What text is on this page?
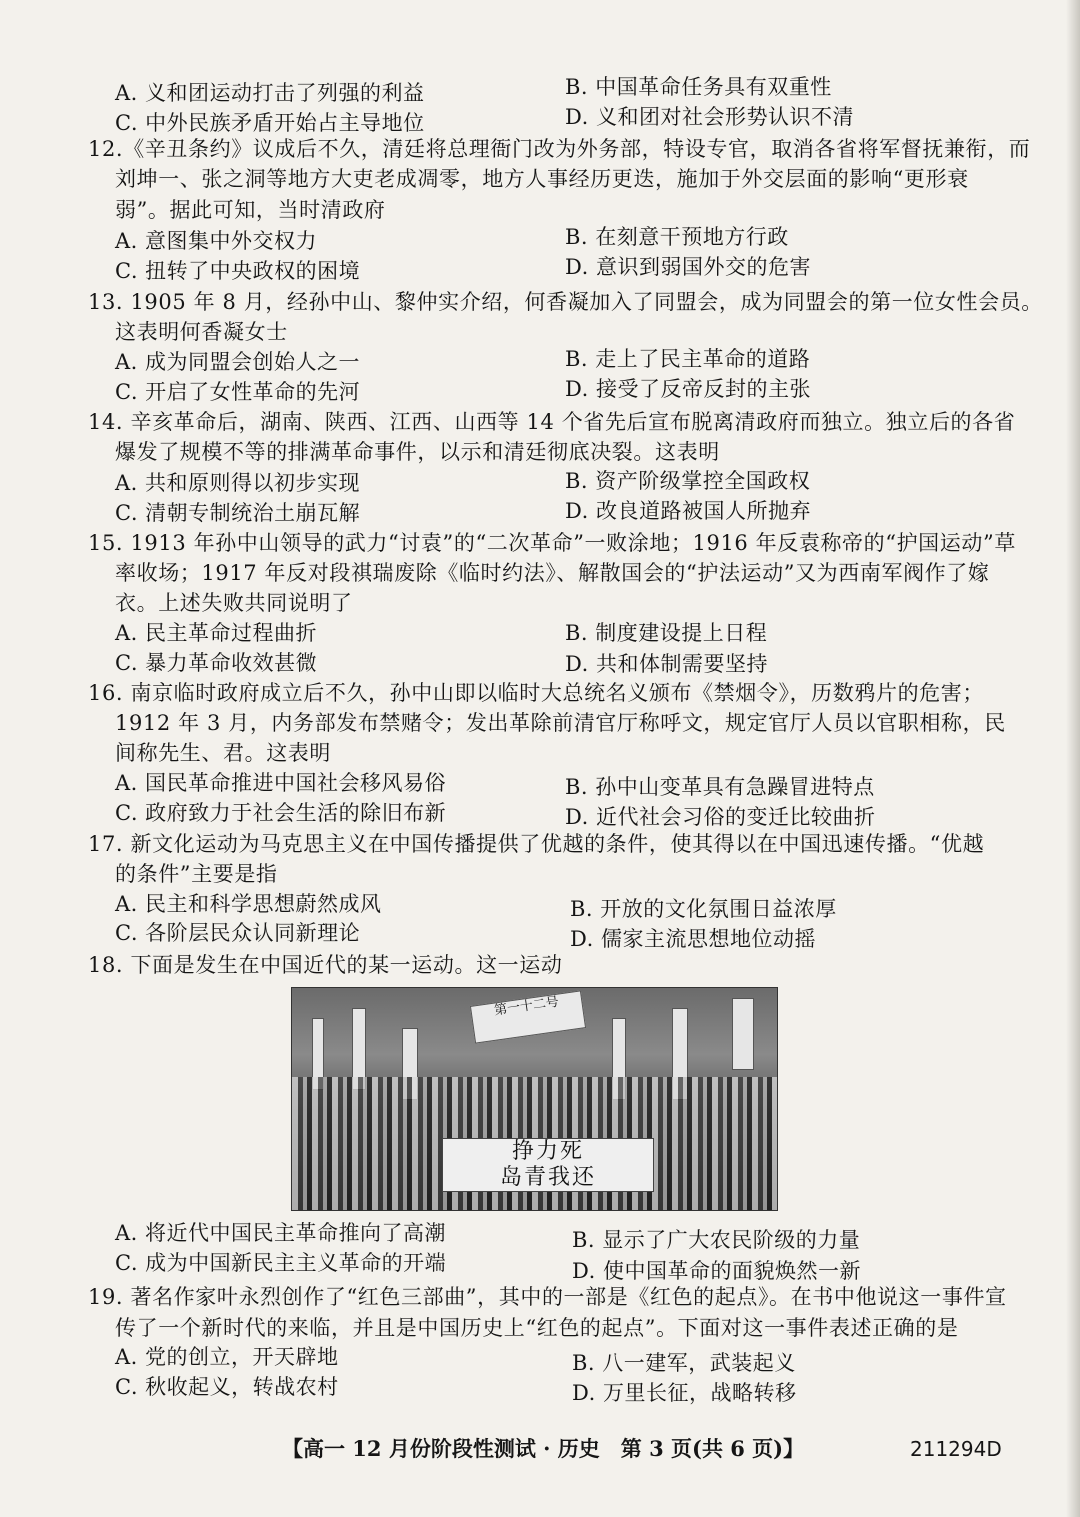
A. 义和团运动打击了列强的利益	B. 中国革命任务具有双重性
C. 中外民族矛盾开始占主导地位	D. 义和团对社会形势认识不清
12.《辛丑条约》议成后不久，清廷将总理衙门改为外务部，特设专官，取消各省将军督抚兼衔，而
刘坤一、张之洞等地方大吏老成凋零，地方人事经历更迭，施加于外交层面的影响“更形衰
弱”。据此可知，当时清政府
A. 意图集中外交权力	B. 在刻意干预地方行政
C. 扭转了中央政权的困境	D. 意识到弱国外交的危害
13. 1905 年 8 月，经孙中山、黎仲实介绍，何香凝加入了同盟会，成为同盟会的第一位女性会员。
这表明何香凝女士
A. 成为同盟会创始人之一	B. 走上了民主革命的道路
C. 开启了女性革命的先河	D. 接受了反帝反封的主张
14. 辛亥革命后，湖南、陕西、江西、山西等 14 个省先后宣布脱离清政府而独立。独立后的各省
爆发了规模不等的排满革命事件，以示和清廷彻底决裂。这表明
A. 共和原则得以初步实现	B. 资产阶级掌控全国政权
C. 清朝专制统治土崩瓦解	D. 改良道路被国人所抛弃
15. 1913 年孙中山领导的武力“讨袁”的“二次革命”一败涂地；1916 年反袁称帝的“护国运动”草
率收场；1917 年反对段祺瑞废除《临时约法》、解散国会的“护法运动”又为西南军阀作了嫁
衣。上述失败共同说明了
A. 民主革命过程曲折	B. 制度建设提上日程
C. 暴力革命收效甚微	D. 共和体制需要坚持
16. 南京临时政府成立后不久，孙中山即以临时大总统名义颁布《禁烟令》，历数鸦片的危害；
1912 年 3 月，内务部发布禁赌令；发出革除前清官厅称呼文，规定官厅人员以官职相称，民
间称先生、君。这表明
A. 国民革命推进中国社会移风易俗	B. 孙中山变革具有急躁冒进特点
C. 政府致力于社会生活的除旧布新	D. 近代社会习俗的变迁比较曲折
17. 新文化运动为马克思主义在中国传播提供了优越的条件，使其得以在中国迅速传播。“优越
的条件”主要是指
A. 民主和科学思想蔚然成风	B. 开放的文化氛围日益浓厚
C. 各阶层民众认同新理论	D. 儒家主流思想地位动摇
18. 下面是发生在中国近代的某一运动。这一运动
第一十二号
挣力死
岛青我还
A. 将近代中国民主革命推向了高潮	B. 显示了广大农民阶级的力量
C. 成为中国新民主主义革命的开端	D. 使中国革命的面貌焕然一新
19. 著名作家叶永烈创作了“红色三部曲”，其中的一部是《红色的起点》。在书中他说这一事件宣
传了一个新时代的来临，并且是中国历史上“红色的起点”。下面对这一事件表述正确的是
A. 党的创立，开天辟地	B. 八一建军，武装起义
C. 秋收起义，转战农村	D. 万里长征，战略转移
【高一 12 月份阶段性测试 · 历史　第 3 页(共 6 页)】	211294D
